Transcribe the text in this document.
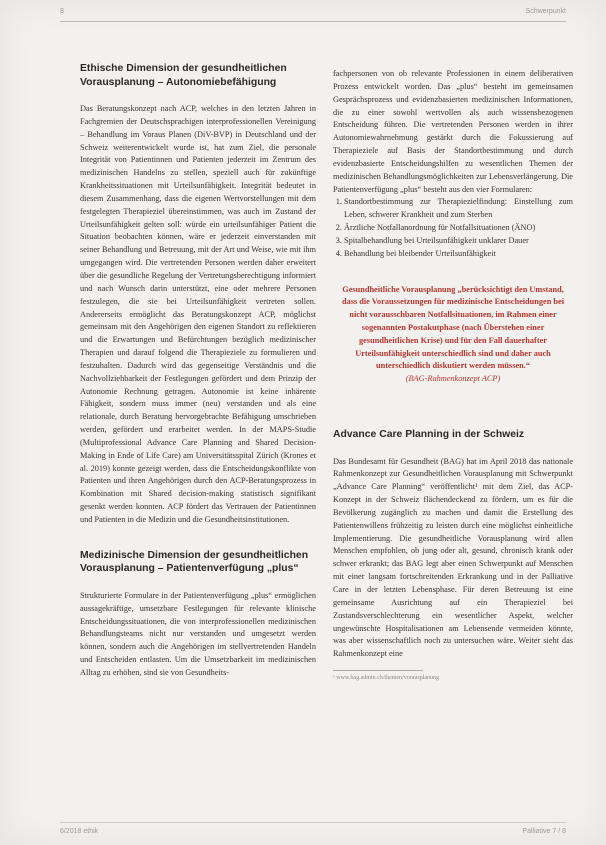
8	Schwerpunkt
Ethische Dimension der gesundheitlichen Vorausplanung – Autonomiebefähigung

Das Beratungskonzept nach ACP, welches in den letzten Jahren in Fachgremien der Deutschsprachigen interprofessionellen Vereinigung – Behandlung im Voraus Planen (DiV-BVP) in Deutschland und der Schweiz weiterentwickelt wurde ist, hat zum Ziel, die personale Integrität von Patientinnen und Patienten jederzeit im Zentrum des medizinischen Handelns zu stellen, speziell auch für zukünftige Krankheitssituationen mit Urteilsunfähigkeit. Integrität bedeutet in diesem Zusammenhang, dass die eigenen Wertvorstellungen mit dem festgelegten Therapieziel übereinstimmen, was auch im Zustand der Urteilsunfähigkeit gelten soll: würde ein urteilsunfähiger Patient die Situation beobachten können, wäre er jederzeit einverstanden mit seiner Behandlung und Betreuung, mit der Art und Weise, wie mit ihm umgegangen wird. Die vertretenden Personen werden daher erweitert über die gesundliche Regelung der Vertretungsberechtigung informiert und nach Wunsch darin unterstützt, eine oder mehrere Personen festzulegen, die sie bei Urteilsunfähigkeit vertreten sollen. Andererseits ermöglicht das Beratungskonzept ACP, möglichst gemeinsam mit den Angehörigen den eigenen Standort zu reflektieren und die Erwartungen und Befürchtungen bezüglich medizinischer Therapien und darauf folgend die Therapieziele zu formulieren und festzuhalten. Dadurch wird das gegenseitige Verständnis und die Nachvollziehbarkeit der Festlegungen gefördert und dem Prinzip der Autonomie Rechnung getragen. Autonomie ist keine inhärente Fähigkeit, sondern muss immer (neu) verstanden und als eine relationale, durch Beratung hervorgebrachte Befähigung umschrieben werden, gefördert und erarbeitet werden. In der MAPS-Studie (Multiprofessional Advance Care Planning and Shared Decision-Making in Ende of Life Care) am Universitätsspital Zürich (Krones et al. 2019) konnte gezeigt werden, dass die Entscheidungskonflikte von Patienten und ihren Angehörigen durch den ACP-Beratungsprozess in Kombination mit Shared decision-making statistisch signifikant gesenkt werden konnten. ACP fördert das Vertrauen der Patientinnen und Patienten in die Medizin und die Gesundheitsinstitutionen.

Medizinische Dimension der gesundheitlichen Vorausplanung – Patientenverfügung „plus“

Strukturierte Formulare in der Patientenverfügung „plus“ ermöglichen aussagekräftige, umsetzbare Festlegungen für relevante klinische Entscheidungssituationen, die von interprofessionellen medizinischen Behandlungsteams nicht nur verstanden und umgesetzt werden können, sondern auch die Angehörigen im stellvertretenden Handeln und Entscheiden entlasten. Um die Umsetzbarkeit im medizinischen Alltag zu erhöhen, sind sie von Gesundheits-

fachpersonen von ob relevante Professionen in einem deliberativen Prozess entwickelt worden. Das „plus“ besteht im gemeinsamen Gesprächsprozess und evidenzbasierten medizinischen Informationen, die zu einer sowohl wertvollen als auch wissensbezogenen Entscheidung führen. Die vertretenden Personen werden in ihrer Autonomiewahrnehmung gestärkt durch die Fokussierung auf Therapieziele auf Basis der Standortbestimmung und durch evidenzbasierte Entscheidungshilfen zu wesentlichen Themen der medizinischen Behandlungsmöglichkeiten zur Lebensverlängerung. Die Patientenverfügung „plus“ besteht aus den vier Formularen:

1. Standortbestimmung zur Therapiezielfindung: Einstellung zum Leben, schwerer Krankheit und zum Sterben
2. Ärztliche Notfallanordnung für Notfallsituationen (ÄNO)
3. Spitalbehandlung bei Urteilsunfähigkeit unklarer Dauer
4. Behandlung bei bleibender Urteilsunfähigkeit
Gesundheitliche Vorausplanung „berücksichtigt den Umstand, dass die Voraussetzungen für medizinische Entscheidungen bei nicht vorausschbaren Notfallsituationen, im Rahmen einer sogenannten Postakutphase (nach Überstehen einer gesundheitlichen Krise) und für den Fall dauerhafter Urteilsunfähigkeit unterschiedlich sind und daher auch unterschiedlich diskutiert werden müssen.“
(BAG-Rahmenkonzept ACP)
Advance Care Planning in der Schweiz

Das Bundesamt für Gesundheit (BAG) hat im April 2018 das nationale Rahmenkonzept zur Gesundheitlichen Vorausplanung mit Schwerpunkt „Advance Care Planning“ veröffentlicht¹ mit dem Ziel, das ACP-Konzept in der Schweiz flächendeckend zu fördern, um es für die Bevölkerung zugänglich zu machen und damit die Erstellung des Patientenwillens frühzeitig zu leisten durch eine möglichst einheitliche Implementierung. Die gesundheitliche Vorausplanung wird allen Menschen empfohlen, ob jung oder alt, gesund, chronisch krank oder schwer erkrankt; das BAG legt aber einen Schwerpunkt auf Menschen mit einer langsam fortschreitenden Erkrankung und in der Palliative Care in der letzten Lebensphase. Für deren Betreuung ist eine gemeinsame Ausrichtung auf ein Therapieziel bei Zustandsverschlechterung ein wesentlicher Aspekt, welcher ungewünschte Hospitalisationen am Lebensende vermeiden könnte, was aber wissenschaftlich noch zu untersuchen wäre. Weiter sieht das Rahmenkonzept eine

¹ www.bag.admin.ch/themen/vorausplanung
6/2018 ethik	Palliative 7 / 8
